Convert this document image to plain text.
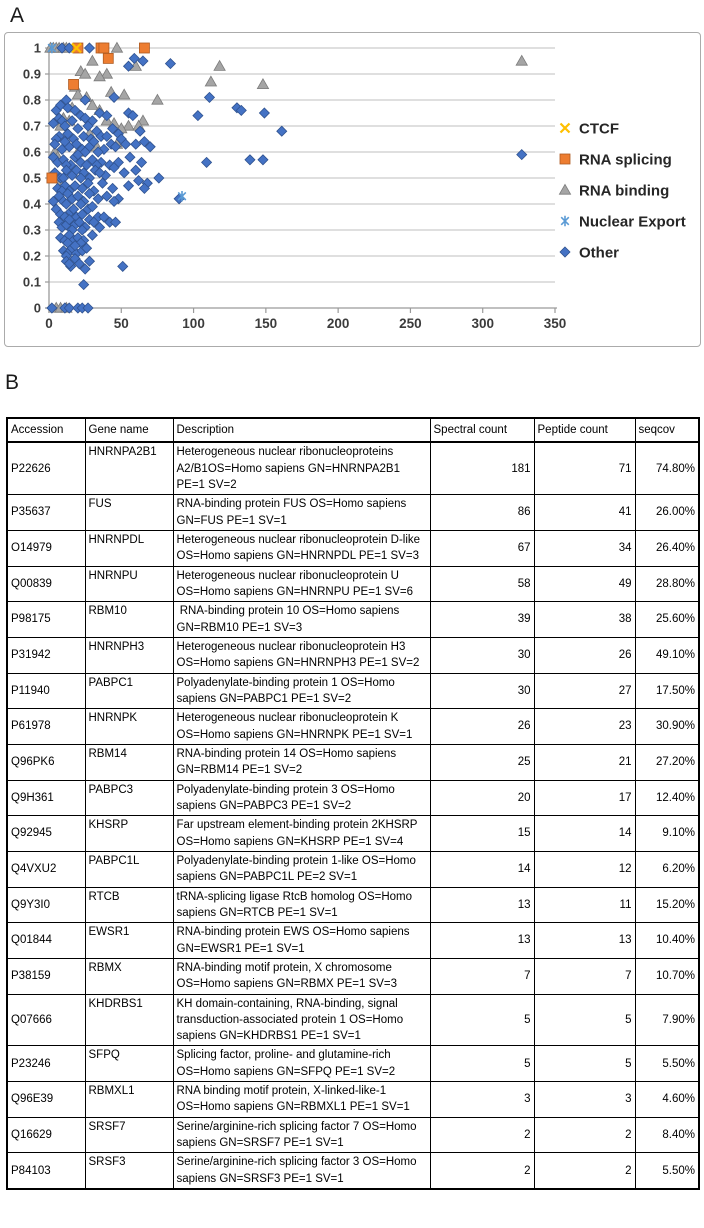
A
0	50	100	150	200	250	300	350
0
0.1
0.2
0.3
0.4
0.5
0.6
0.7
0.8
0.9
1
CTCF
RNA splicing
RNA binding
Nuclear Export
Other
B
Accession	Gene name	Description	Spectral count	Peptide count	seqcov
P22626	HNRNPA2B1	Heterogeneous nuclear ribonucleoproteins A2/B1OS=Homo sapiens GN=HNRNPA2B1 PE=1 SV=2	181	71	74.80%
P35637	FUS	RNA-binding protein FUS OS=Homo sapiens GN=FUS PE=1 SV=1	86	41	26.00%
O14979	HNRNPDL	Heterogeneous nuclear ribonucleoprotein D-like OS=Homo sapiens GN=HNRNPDL PE=1 SV=3	67	34	26.40%
Q00839	HNRNPU	Heterogeneous nuclear ribonucleoprotein U OS=Homo sapiens GN=HNRNPU PE=1 SV=6	58	49	28.80%
P98175	RBM10	RNA-binding protein 10 OS=Homo sapiens GN=RBM10 PE=1 SV=3	39	38	25.60%
P31942	HNRNPH3	Heterogeneous nuclear ribonucleoprotein H3 OS=Homo sapiens GN=HNRNPH3 PE=1 SV=2	30	26	49.10%
P11940	PABPC1	Polyadenylate-binding protein 1 OS=Homo sapiens GN=PABPC1 PE=1 SV=2	30	27	17.50%
P61978	HNRNPK	Heterogeneous nuclear ribonucleoprotein K OS=Homo sapiens GN=HNRNPK PE=1 SV=1	26	23	30.90%
Q96PK6	RBM14	RNA-binding protein 14 OS=Homo sapiens GN=RBM14 PE=1 SV=2	25	21	27.20%
Q9H361	PABPC3	Polyadenylate-binding protein 3 OS=Homo sapiens GN=PABPC3 PE=1 SV=2	20	17	12.40%
Q92945	KHSRP	Far upstream element-binding protein 2KHSRP OS=Homo sapiens GN=KHSRP PE=1 SV=4	15	14	9.10%
Q4VXU2	PABPC1L	Polyadenylate-binding protein 1-like OS=Homo sapiens GN=PABPC1L PE=2 SV=1	14	12	6.20%
Q9Y3I0	RTCB	tRNA-splicing ligase RtcB homolog OS=Homo sapiens GN=RTCB PE=1 SV=1	13	11	15.20%
Q01844	EWSR1	RNA-binding protein EWS OS=Homo sapiens GN=EWSR1 PE=1 SV=1	13	13	10.40%
P38159	RBMX	RNA-binding motif protein, X chromosome OS=Homo sapiens GN=RBMX PE=1 SV=3	7	7	10.70%
Q07666	KHDRBS1	KH domain-containing, RNA-binding, signal transduction-associated protein 1 OS=Homo sapiens GN=KHDRBS1 PE=1 SV=1	5	5	7.90%
P23246	SFPQ	Splicing factor, proline- and glutamine-rich OS=Homo sapiens GN=SFPQ PE=1 SV=2	5	5	5.50%
Q96E39	RBMXL1	RNA binding motif protein, X-linked-like-1 OS=Homo sapiens GN=RBMXL1 PE=1 SV=1	3	3	4.60%
Q16629	SRSF7	Serine/arginine-rich splicing factor 7 OS=Homo sapiens GN=SRSF7 PE=1 SV=1	2	2	8.40%
P84103	SRSF3	Serine/arginine-rich splicing factor 3 OS=Homo sapiens GN=SRSF3 PE=1 SV=1	2	2	5.50%
